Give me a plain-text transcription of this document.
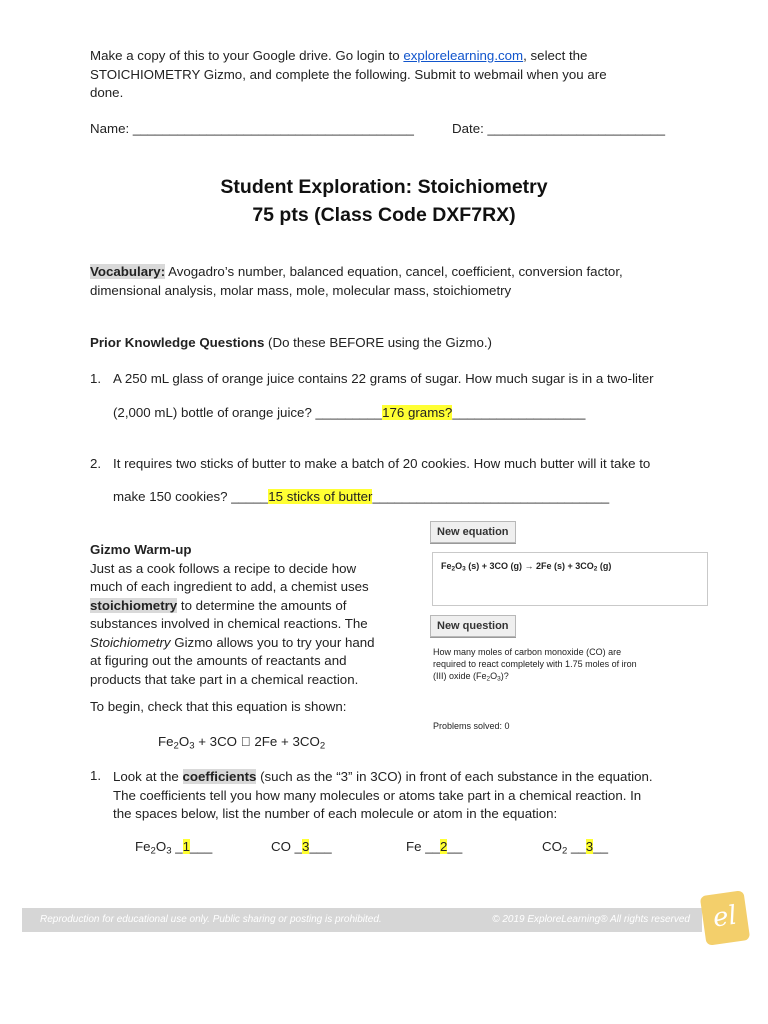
Make a copy of this to your Google drive. Go login to explorelearning.com, select the
STOICHIOMETRY Gizmo, and complete the following. Submit to webmail when you are
done.
Name: ______________________________________	Date: ________________________
Student Exploration: Stoichiometry
75 pts (Class Code DXF7RX)
Vocabulary: Avogadro’s number, balanced equation, cancel, coefficient, conversion factor,
dimensional analysis, molar mass, mole, molecular mass, stoichiometry
Prior Knowledge Questions (Do these BEFORE using the Gizmo.)
1. A 250 mL glass of orange juice contains 22 grams of sugar. How much sugar is in a two-liter
(2,000 mL) bottle of orange juice? _________176 grams?__________________
2. It requires two sticks of butter to make a batch of 20 cookies. How much butter will it take to
make 150 cookies? _____15 sticks of butter________________________________
Gizmo Warm-up
Just as a cook follows a recipe to decide how
much of each ingredient to add, a chemist uses
stoichiometry to determine the amounts of
substances involved in chemical reactions. The
Stoichiometry Gizmo allows you to try your hand
at figuring out the amounts of reactants and
products that take part in a chemical reaction.
To begin, check that this equation is shown:
$Fe_2O_3 + 3CO$ $2Fe + 3CO_2$
New equation
$Fe_2O_3$ (s) + 3CO (g) → 2Fe $(s) + 3CO_2$ (g)
New question
How many moles of carbon monoxide (CO) are
required to react completely with 1.75 moles of iron
(III) oxide $(Fe_2O_3)$?
Problems solved: 0
1. Look at the coefficients (such as the “3” in 3CO) in front of each substance in the equation.
The coefficients tell you how many molecules or atoms take part in a chemical reaction. In
the spaces below, list the number of each molecule or atom in the equation:
$Fe_2O_3$ _1___	CO _3___	Fe __2__	$CO_2$ __3__
Reproduction for educational use only. Public sharing or posting is prohibited.	© 2019 ExploreLearning® All rights reserved el
